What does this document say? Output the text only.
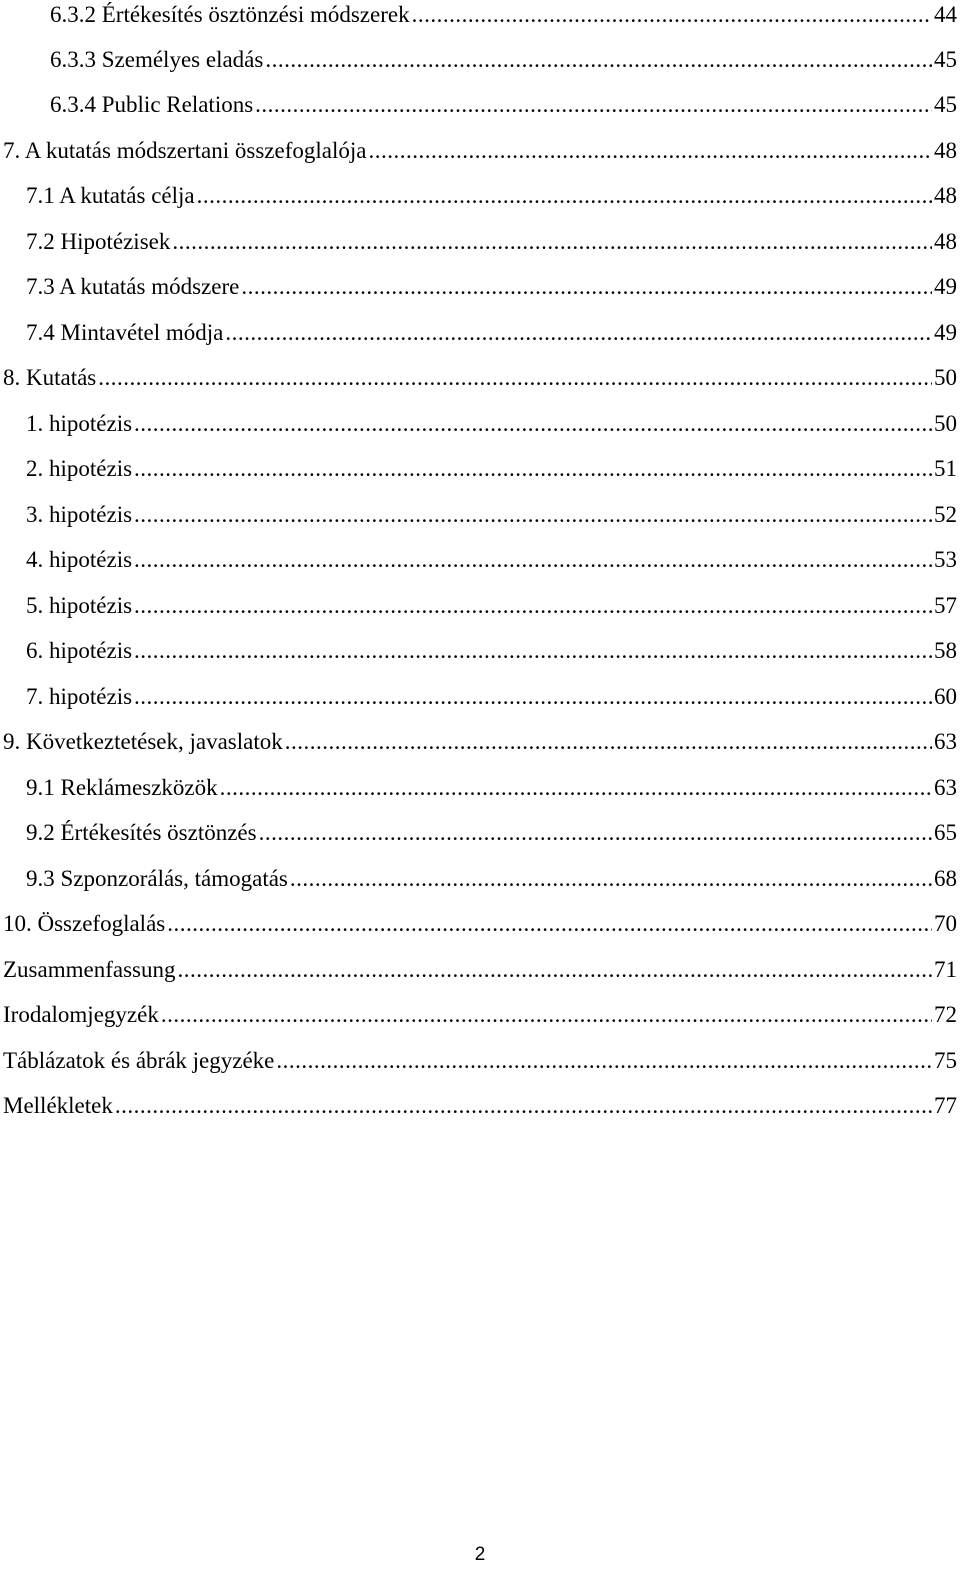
6.3.2 Értékesítés ösztönzési módszerek .....	44
6.3.3 Személyes eladás .....	45
6.3.4 Public Relations .....	45
7. A kutatás módszertani összefoglalója .....	48
7.1 A kutatás célja .....	48
7.2 Hipotézisek .....	48
7.3 A kutatás módszere .....	49
7.4 Mintavétel módja .....	49
8. Kutatás .....	50
1. hipotézis .....	50
2. hipotézis .....	51
3. hipotézis .....	52
4. hipotézis .....	53
5. hipotézis .....	57
6. hipotézis .....	58
7. hipotézis .....	60
9. Következtetések, javaslatok .....	63
9.1 Reklámeszközök .....	63
9.2 Értékesítés ösztönzés .....	65
9.3 Szponzorálás, támogatás .....	68
10. Összefoglalás .....	70
Zusammenfassung .....	71
Irodalomjegyzék .....	72
Táblázatok és ábrák jegyzéke .....	75
Mellékletek .....	77
2
